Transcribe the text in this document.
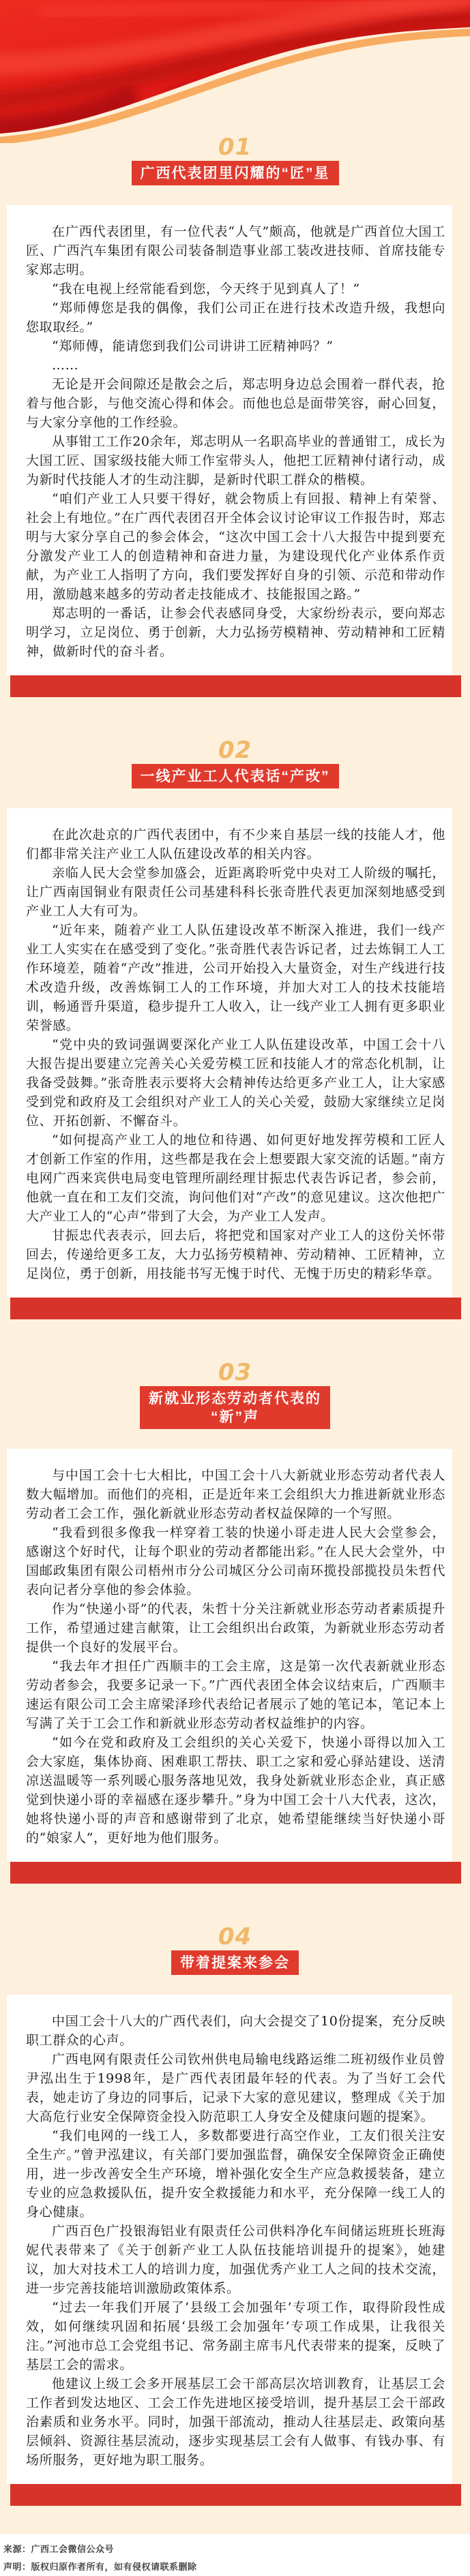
01
广西代表团里闪耀的“匠”星

在广西代表团里，有一位代表“人气”颇高，他就是广西首位大国工匠、广西汽车集团有限公司装备制造事业部工装改进技师、首席技能专家郑志明。

“我在电视上经常能看到您，今天终于见到真人了！”

“郑师傅您是我的偶像，我们公司正在进行技术改造升级，我想向您取取经。”

“郑师傅，能请您到我们公司讲讲工匠精神吗？”

……

无论是开会间隙还是散会之后，郑志明身边总会围着一群代表，抢着与他合影，与他交流心得和体会。而他也总是面带笑容，耐心回复，与大家分享他的工作经验。

从事钳工工作20余年，郑志明从一名职高毕业的普通钳工，成长为大国工匠、国家级技能大师工作室带头人，他把工匠精神付诸行动，成为新时代技能人才的生动注脚，是新时代职工群众的楷模。

“咱们产业工人只要干得好，就会物质上有回报、精神上有荣誉、社会上有地位。”在广西代表团召开全体会议讨论审议工作报告时，郑志明与大家分享自己的参会体会，“这次中国工会十八大报告中提到要充分激发产业工人的创造精神和奋进力量，为建设现代化产业体系作贡献，为产业工人指明了方向，我们要发挥好自身的引领、示范和带动作用，激励越来越多的劳动者走技能成才、技能报国之路。”

郑志明的一番话，让参会代表感同身受，大家纷纷表示，要向郑志明学习，立足岗位、勇于创新，大力弘扬劳模精神、劳动精神和工匠精神，做新时代的奋斗者。

02
一线产业工人代表话“产改”

在此次赴京的广西代表团中，有不少来自基层一线的技能人才，他们都非常关注产业工人队伍建设改革的相关内容。

亲临人民大会堂参加盛会，近距离聆听党中央对工人阶级的嘱托，让广西南国铜业有限责任公司基建科科长张奇胜代表更加深刻地感受到产业工人大有可为。

“近年来，随着产业工人队伍建设改革不断深入推进，我们一线产业工人实实在在感受到了变化。”张奇胜代表告诉记者，过去炼铜工人工作环境差，随着“产改”推进，公司开始投入大量资金，对生产线进行技术改造升级，改善炼铜工人的工作环境，并加大对工人的技术技能培训，畅通晋升渠道，稳步提升工人收入，让一线产业工人拥有更多职业荣誉感。

“党中央的致词强调要深化产业工人队伍建设改革，中国工会十八大报告提出要建立完善关心关爱劳模工匠和技能人才的常态化机制，让我备受鼓舞。”张奇胜表示要将大会精神传达给更多产业工人，让大家感受到党和政府及工会组织对产业工人的关心关爱，鼓励大家继续立足岗位、开拓创新、不懈奋斗。

“如何提高产业工人的地位和待遇、如何更好地发挥劳模和工匠人才创新工作室的作用，这些都是我在会上想要跟大家交流的话题。”南方电网广西来宾供电局变电管理所副经理甘振忠代表告诉记者，参会前，他就一直在和工友们交流，询问他们对“产改”的意见建议。这次他把广大产业工人的“心声”带到了大会，为产业工人发声。

甘振忠代表表示，回去后，将把党和国家对产业工人的这份关怀带回去，传递给更多工友，大力弘扬劳模精神、劳动精神、工匠精神，立足岗位，勇于创新，用技能书写无愧于时代、无愧于历史的精彩华章。

03
新就业形态劳动者代表的
“新”声

与中国工会十七大相比，中国工会十八大新就业形态劳动者代表人数大幅增加。而他们的亮相，正是近年来工会组织大力推进新就业形态劳动者工会工作，强化新就业形态劳动者权益保障的一个写照。

“我看到很多像我一样穿着工装的快递小哥走进人民大会堂参会，感谢这个好时代，让每个职业的劳动者都能出彩。”在人民大会堂外，中国邮政集团有限公司梧州市分公司城区分公司南环揽投部揽投员朱哲代表向记者分享他的参会体验。

作为“快递小哥”的代表，朱哲十分关注新就业形态劳动者素质提升工作，希望通过建言献策，让工会组织出台政策，为新就业形态劳动者提供一个良好的发展平台。

“我去年才担任广西顺丰的工会主席，这是第一次代表新就业形态劳动者参会，我要多记录一下。”广西代表团全体会议结束后，广西顺丰速运有限公司工会主席梁泽珍代表给记者展示了她的笔记本，笔记本上写满了关于工会工作和新就业形态劳动者权益维护的内容。

“如今在党和政府及工会组织的关心关爱下，快递小哥得以加入工会大家庭，集体协商、困难职工帮扶、职工之家和爱心驿站建设、送清凉送温暖等一系列暖心服务落地见效，我身处新就业形态企业，真正感觉到快递小哥的幸福感在逐步攀升。”身为中国工会十八大代表，这次，她将快递小哥的声音和感谢带到了北京，她希望能继续当好快递小哥的“娘家人”，更好地为他们服务。

04
带着提案来参会

中国工会十八大的广西代表们，向大会提交了10份提案，充分反映职工群众的心声。

广西电网有限责任公司钦州供电局输电线路运维二班初级作业员曾尹泓出生于1998年，是广西代表团最年轻的代表。为了当好工会代表，她走访了身边的同事后，记录下大家的意见建议，整理成《关于加大高危行业安全保障资金投入防范职工人身安全及健康问题的提案》。

“我们电网的一线工人，多数都要进行高空作业，工友们很关注安全生产。”曾尹泓建议，有关部门要加强监督，确保安全保障资金正确使用，进一步改善安全生产环境，增补强化安全生产应急救援装备，建立专业的应急救援队伍，提升安全救援能力和水平，充分保障一线工人的身心健康。

广西百色广投银海铝业有限责任公司供料净化车间储运班班长班海妮代表带来了《关于创新产业工人队伍技能培训提升的提案》，她建议，加大对技术工人的培训力度，加强优秀产业工人之间的技术交流，进一步完善技能培训激励政策体系。

“过去一年我们开展了‘县级工会加强年’专项工作，取得阶段性成效，如何继续巩固和拓展‘县级工会加强年’专项工作成果，让我很关注。”河池市总工会党组书记、常务副主席韦凡代表带来的提案，反映了基层工会的需求。

他建议上级工会多开展基层工会干部高层次培训教育，让基层工会工作者到发达地区、工会工作先进地区接受培训，提升基层工会干部政治素质和业务水平。同时，加强干部流动，推动人往基层走、政策向基层倾斜、资源往基层流动，逐步实现基层工会有人做事、有钱办事、有场所服务，更好地为职工服务。

来源：广西工会微信公众号
声明：版权归原作者所有，如有侵权请联系删除
